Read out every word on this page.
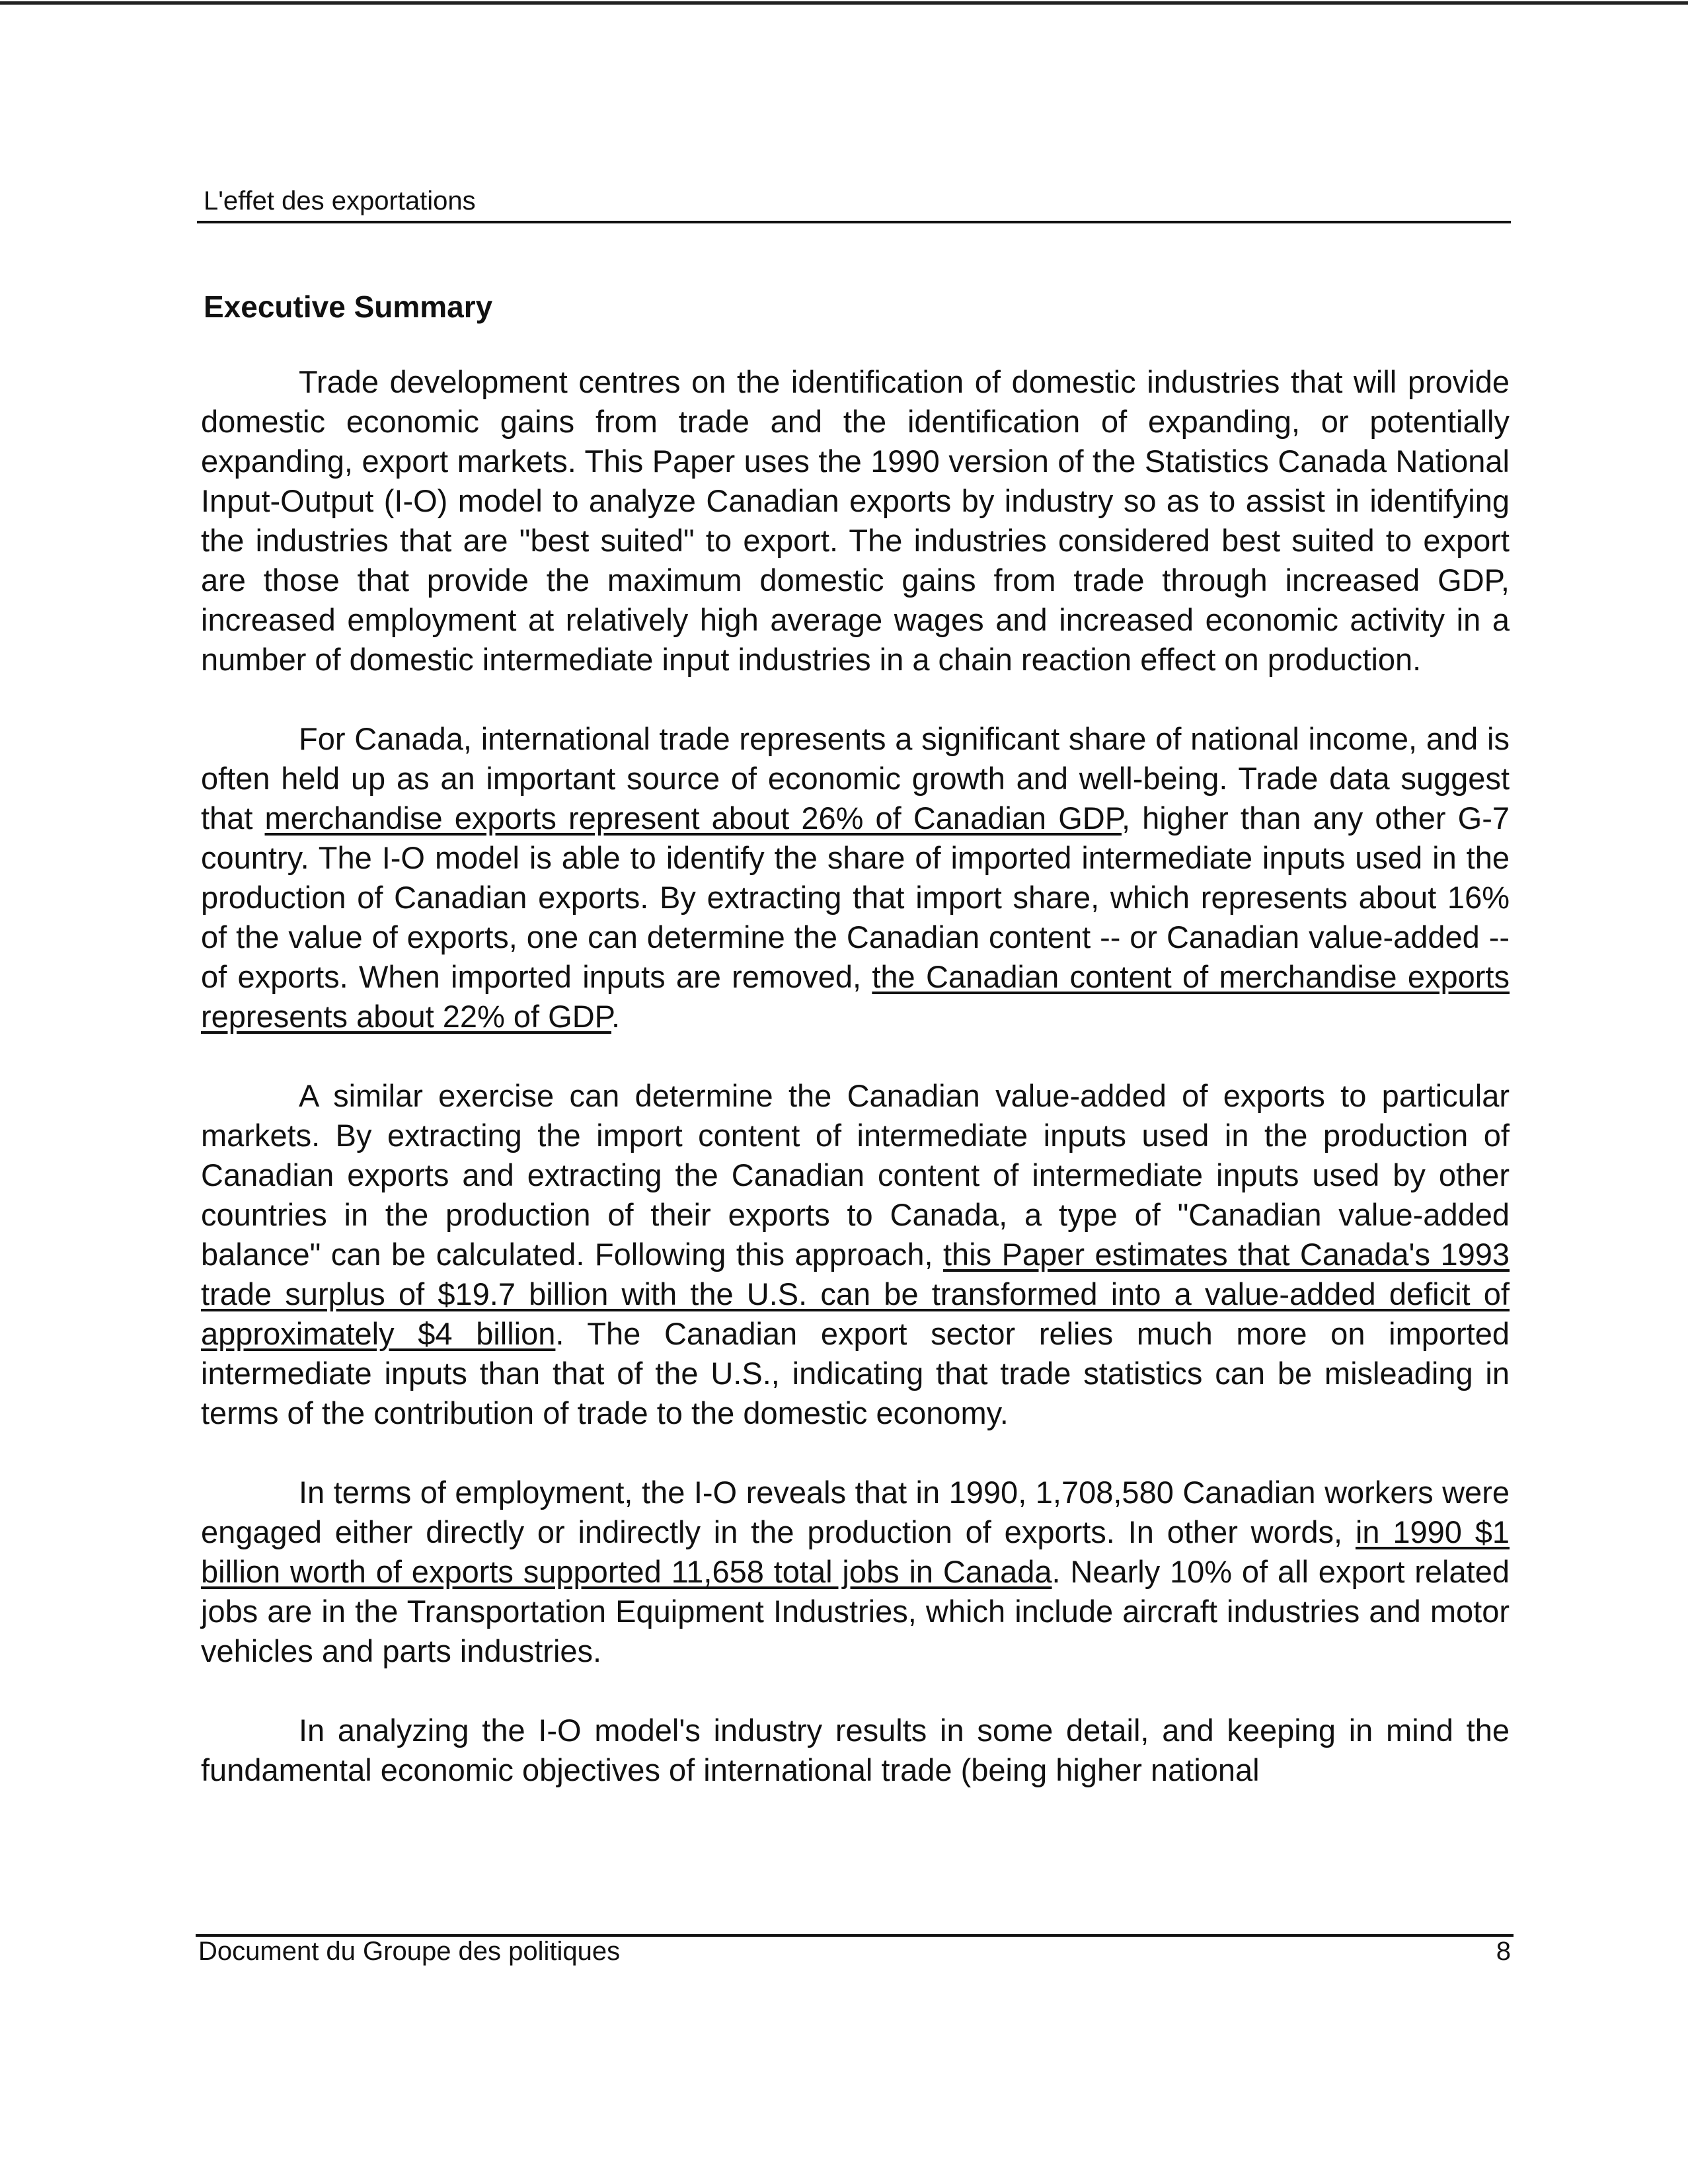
L'effet des exportations
Executive Summary

Trade development centres on the identification of domestic industries that will provide domestic economic gains from trade and the identification of expanding, or potentially expanding, export markets. This Paper uses the 1990 version of the Statistics Canada National Input-Output (I-O) model to analyze Canadian exports by industry so as to assist in identifying the industries that are "best suited" to export. The industries considered best suited to export are those that provide the maximum domestic gains from trade through increased GDP, increased employment at relatively high average wages and increased economic activity in a number of domestic intermediate input industries in a chain reaction effect on production.

For Canada, international trade represents a significant share of national income, and is often held up as an important source of economic growth and well-being. Trade data suggest that merchandise exports represent about 26% of Canadian GDP, higher than any other G-7 country. The I-O model is able to identify the share of imported intermediate inputs used in the production of Canadian exports. By extracting that import share, which represents about 16% of the value of exports, one can determine the Canadian content -- or Canadian value-added -- of exports. When imported inputs are removed, the Canadian content of merchandise exports represents about 22% of GDP.

A similar exercise can determine the Canadian value-added of exports to particular markets. By extracting the import content of intermediate inputs used in the production of Canadian exports and extracting the Canadian content of intermediate inputs used by other countries in the production of their exports to Canada, a type of "Canadian value-added balance" can be calculated. Following this approach, this Paper estimates that Canada's 1993 trade surplus of $19.7 billion with the U.S. can be transformed into a value-added deficit of approximately $4 billion. The Canadian export sector relies much more on imported intermediate inputs than that of the U.S., indicating that trade statistics can be misleading in terms of the contribution of trade to the domestic economy.

In terms of employment, the I-O reveals that in 1990, 1,708,580 Canadian workers were engaged either directly or indirectly in the production of exports. In other words, in 1990 $1 billion worth of exports supported 11,658 total jobs in Canada. Nearly 10% of all export related jobs are in the Transportation Equipment Industries, which include aircraft industries and motor vehicles and parts industries.

In analyzing the I-O model's industry results in some detail, and keeping in mind the fundamental economic objectives of international trade (being higher national

Document du Groupe des politiques	8
